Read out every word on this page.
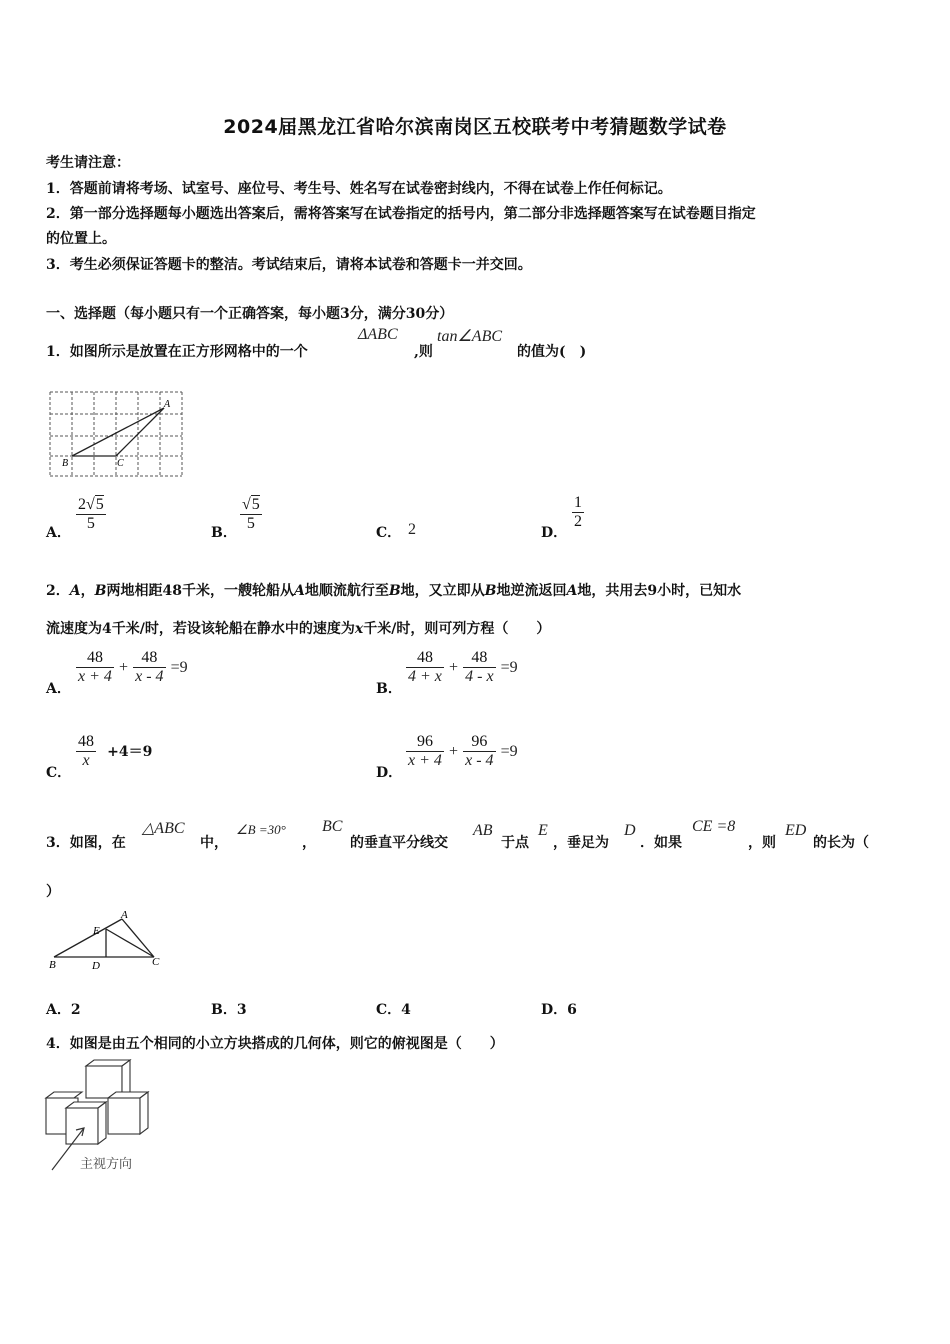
2024届黑龙江省哈尔滨南岗区五校联考中考猜题数学试卷
考生请注意：
1．答题前请将考场、试室号、座位号、考生号、姓名写在试卷密封线内，不得在试卷上作任何标记。
2．第一部分选择题每小题选出答案后，需将答案写在试卷指定的括号内，第二部分非选择题答案写在试卷题目指定
的位置上。
3．考生必须保证答题卡的整洁。考试结束后，请将本试卷和答题卡一并交回。
一、选择题（每小题只有一个正确答案，每小题3分，满分30分）
1．如图所示是放置在正方形网格中的一个
ΔABC
,则
tan∠ABC
的值为(　)
A
B	C
A． $\frac{2√5}{5}$	B． $\frac{√5}{5}$	C． 2	D．
$\frac{1}{2}$
2．A，B两地相距48千米，一艘轮船从A地顺流航行至B地，又立即从B地逆流返回A地，共用去9小时，已知水
流速度为4千米/时，若设该轮船在静水中的速度为x千米/时，则可列方程（　　）
A．
$\frac{48}{x + 4} + \frac{48}{x - 4} =9$
B．
$\frac{48}{4 + x} + \frac{48}{4 - x} =9$
C．
$\frac{48}{x} +4=9$
D．
$\frac{96}{x + 4} + \frac{96}{x - 4} =9$
3．如图，在
△ABC
中，
∠B =30°
，
BC
的垂直平分线交
AB
于点
E
，垂足为
D
．如果
CE =8
，则
ED
的长为（
）
A
E
B	D	C
A．2	B．3	C．4	D．6
4．如图是由五个相同的小立方块搭成的几何体，则它的俯视图是（　　）
主视方向
